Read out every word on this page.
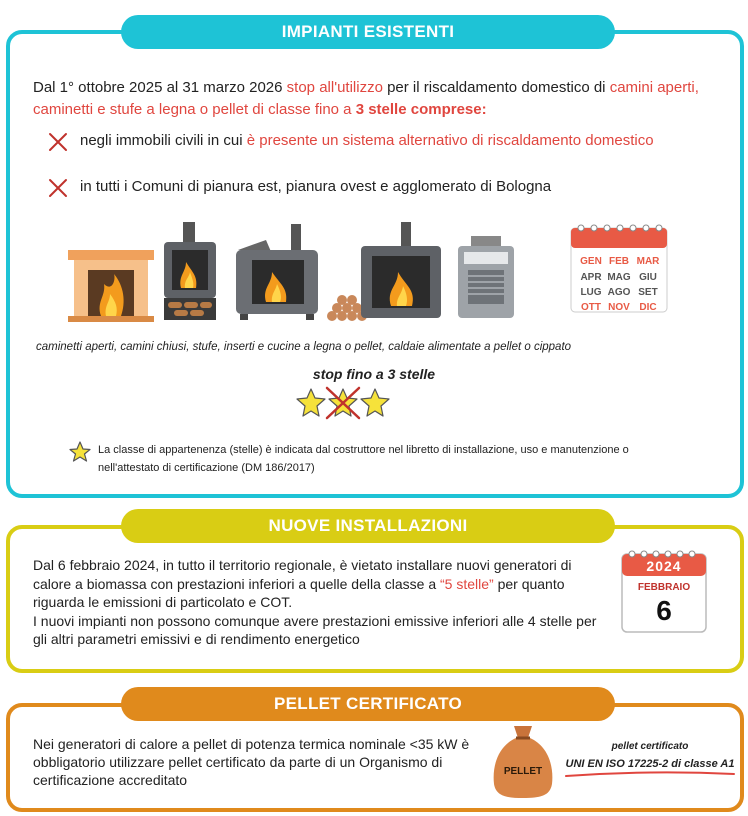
IMPIANTI ESISTENTI
Dal 1° ottobre 2025 al 31 marzo 2026 stop all'utilizzo per il riscaldamento domestico di camini aperti, caminetti e stufe a legna o pellet di classe fino a 3 stelle comprese:
negli immobili civili in cui è presente un sistema alternativo di riscaldamento domestico
in tutti i Comuni di pianura est, pianura ovest e agglomerato di Bologna
GEN FEB MAR
APR MAG GIU
LUG AGO SET
OTT NOV DIC
caminetti aperti, camini chiusi, stufe, inserti e cucine a legna o pellet, caldaie alimentate a pellet o cippato
stop fino a 3 stelle
La classe di appartenenza (stelle) è indicata dal costruttore nel libretto di installazione, uso e manutenzione o nell'attestato di certificazione (DM 186/2017)
NUOVE INSTALLAZIONI
Dal 6 febbraio 2024, in tutto il territorio regionale, è vietato installare nuovi generatori di calore a biomassa con prestazioni inferiori a quelle della classe a “5 stelle” per quanto riguarda le emissioni di particolato e COT.
I nuovi impianti non possono comunque avere prestazioni emissive inferiori alle 4 stelle per gli altri parametri emissivi e di rendimento energetico
2024
FEBBRAIO
6
PELLET CERTIFICATO
Nei generatori di calore a pellet di potenza termica nominale <35 kW è obbligatorio utilizzare pellet certificato da parte di un Organismo di certificazione accreditato
PELLET
pellet certificato
UNI EN ISO 17225-2 di classe A1
